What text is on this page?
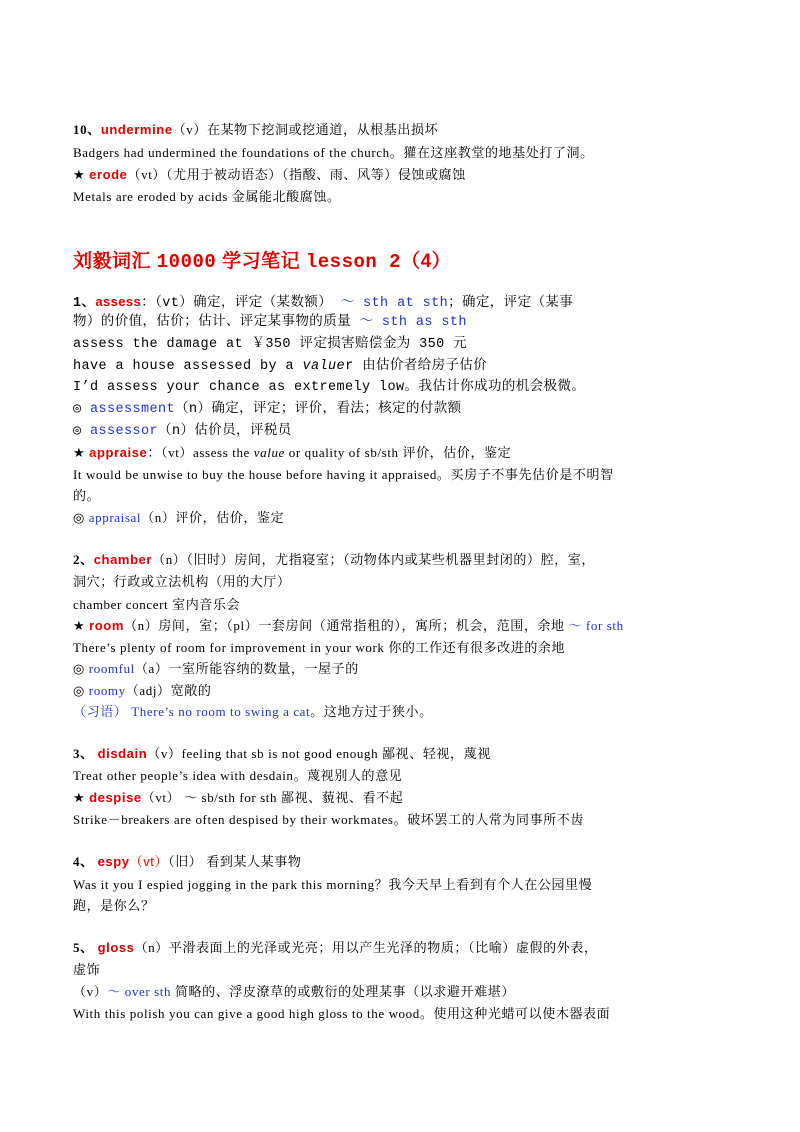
10、undermine（v）在某物下挖洞或挖通道，从根基出损坏
Badgers had undermined the foundations of the church。獾在这座教堂的地基处打了洞。
★ erode（vt）（尤用于被动语态）（指酸、雨、风等）侵蚀或腐蚀
Metals are eroded by acids 金属能北酸腐蚀。
刘毅词汇 10000 学习笔记 lesson 2（4）
1、assess：（vt）确定，评定（某数额） ～ sth at sth；确定，评定（某事
物）的价值，估价；估计、评定某事物的质量 ～ sth as sth
assess the damage at ￥350 评定损害赔偿金为 350 元
have a house assessed by a valuer 由估价者给房子估价
I’d assess your chance as extremely low。我估计你成功的机会极微。
◎ assessment（n）确定，评定；评价，看法；核定的付款额
◎ assessor（n）估价员，评税员
★ appraise：（vt）assess the value or quality of sb/sth 评价，估价，鉴定
It would be unwise to buy the house before having it appraised。买房子不事先估价是不明智
的。
◎ appraisal（n）评价，估价，鉴定
2、chamber（n）（旧时）房间，尤指寝室；（动物体内或某些机器里封闭的）腔，室，
洞穴；行政或立法机构（用的大厅）
chamber concert 室内音乐会
★ room（n）房间，室；（pl）一套房间（通常指租的），寓所；机会，范围，余地 ～ for sth
There’s plenty of room for improvement in your work 你的工作还有很多改进的余地
◎ roomful（a）一室所能容纳的数量，一屋子的
◎ roomy（adj）宽敞的
（习语） There’s no room to swing a cat。这地方过于狭小。
3、 disdain（v）feeling that sb is not good enough 鄙视、轻视，蔑视
Treat other people’s idea with desdain。蔑视别人的意见
★ despise（vt） ～ sb/sth for sth 鄙视、藐视、看不起
Strike－breakers are often despised by their workmates。破坏罢工的人常为同事所不齿
4、 espy（vt）（旧） 看到某人某事物
Was it you I espied jogging in the park this morning？我今天早上看到有个人在公园里慢
跑，是你么？
5、 gloss（n）平滑表面上的光泽或光亮；用以产生光泽的物质；（比喻）虚假的外表，
虚饰
（v）～ over sth 简略的、浮皮潦草的或敷衍的处理某事（以求避开难堪）
With this polish you can give a good high gloss to the wood。使用这种光蜡可以使木器表面
